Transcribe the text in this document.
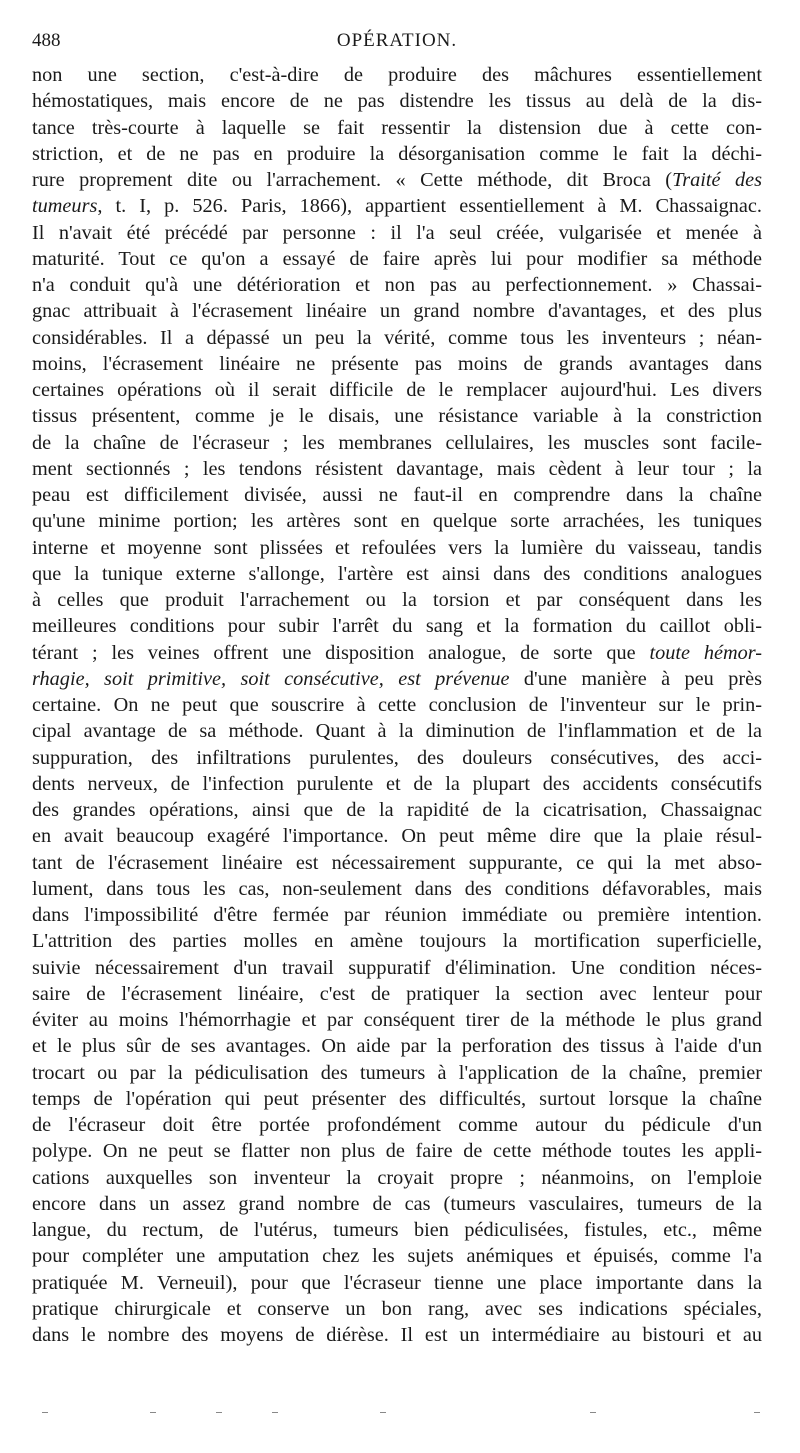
488	OPÉRATION.
non une section, c'est-à-dire de produire des mâchures essentiellement
hémostatiques, mais encore de ne pas distendre les tissus au delà de la dis-
tance très-courte à laquelle se fait ressentir la distension due à cette con-
striction, et de ne pas en produire la désorganisation comme le fait la déchi-
rure proprement dite ou l'arrachement. « Cette méthode, dit Broca (Traité des
tumeurs, t. I, p. 526. Paris, 1866), appartient essentiellement à M. Chassaignac.
Il n'avait été précédé par personne : il l'a seul créée, vulgarisée et menée à
maturité. Tout ce qu'on a essayé de faire après lui pour modifier sa méthode
n'a conduit qu'à une détérioration et non pas au perfectionnement. » Chassai-
gnac attribuait à l'écrasement linéaire un grand nombre d'avantages, et des plus
considérables. Il a dépassé un peu la vérité, comme tous les inventeurs ; néan-
moins, l'écrasement linéaire ne présente pas moins de grands avantages dans
certaines opérations où il serait difficile de le remplacer aujourd'hui. Les divers
tissus présentent, comme je le disais, une résistance variable à la constriction
de la chaîne de l'écraseur ; les membranes cellulaires, les muscles sont facile-
ment sectionnés ; les tendons résistent davantage, mais cèdent à leur tour ; la
peau est difficilement divisée, aussi ne faut-il en comprendre dans la chaîne
qu'une minime portion; les artères sont en quelque sorte arrachées, les tuniques
interne et moyenne sont plissées et refoulées vers la lumière du vaisseau, tandis
que la tunique externe s'allonge, l'artère est ainsi dans des conditions analogues
à celles que produit l'arrachement ou la torsion et par conséquent dans les
meilleures conditions pour subir l'arrêt du sang et la formation du caillot obli-
térant ; les veines offrent une disposition analogue, de sorte que toute hémor-
rhagie, soit primitive, soit consécutive, est prévenue d'une manière à peu près
certaine. On ne peut que souscrire à cette conclusion de l'inventeur sur le prin-
cipal avantage de sa méthode. Quant à la diminution de l'inflammation et de la
suppuration, des infiltrations purulentes, des douleurs consécutives, des acci-
dents nerveux, de l'infection purulente et de la plupart des accidents consécutifs
des grandes opérations, ainsi que de la rapidité de la cicatrisation, Chassaignac
en avait beaucoup exagéré l'importance. On peut même dire que la plaie résul-
tant de l'écrasement linéaire est nécessairement suppurante, ce qui la met abso-
lument, dans tous les cas, non-seulement dans des conditions défavorables, mais
dans l'impossibilité d'être fermée par réunion immédiate ou première intention.
L'attrition des parties molles en amène toujours la mortification superficielle,
suivie nécessairement d'un travail suppuratif d'élimination. Une condition néces-
saire de l'écrasement linéaire, c'est de pratiquer la section avec lenteur pour
éviter au moins l'hémorrhagie et par conséquent tirer de la méthode le plus grand
et le plus sûr de ses avantages. On aide par la perforation des tissus à l'aide d'un
trocart ou par la pédiculisation des tumeurs à l'application de la chaîne, premier
temps de l'opération qui peut présenter des difficultés, surtout lorsque la chaîne
de l'écraseur doit être portée profondément comme autour du pédicule d'un
polype. On ne peut se flatter non plus de faire de cette méthode toutes les appli-
cations auxquelles son inventeur la croyait propre ; néanmoins, on l'emploie
encore dans un assez grand nombre de cas (tumeurs vasculaires, tumeurs de la
langue, du rectum, de l'utérus, tumeurs bien pédiculisées, fistules, etc., même
pour compléter une amputation chez les sujets anémiques et épuisés, comme l'a
pratiquée M. Verneuil), pour que l'écraseur tienne une place importante dans la
pratique chirurgicale et conserve un bon rang, avec ses indications spéciales,
dans le nombre des moyens de diérèse. Il est un intermédiaire au bistouri et au
